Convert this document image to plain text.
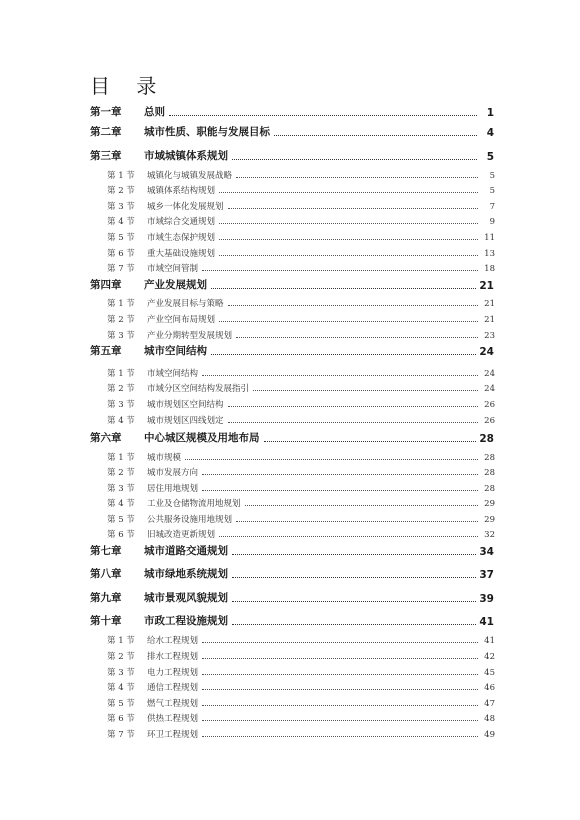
目 录
第一章	总则	1
第二章	城市性质、职能与发展目标	4
第三章	市域城镇体系规划	5
第 1 节	城镇化与城镇发展战略	5
第 2 节	城镇体系结构规划	5
第 3 节	城乡一体化发展规划	7
第 4 节	市域综合交通规划	9
第 5 节	市域生态保护规划	11
第 6 节	重大基础设施规划	13
第 7 节	市域空间管制	18
第四章	产业发展规划	21
第 1 节	产业发展目标与策略	21
第 2 节	产业空间布局规划	21
第 3 节	产业分期转型发展规划	23
第五章	城市空间结构	24
第 1 节	市域空间结构	24
第 2 节	市域分区空间结构发展指引	24
第 3 节	城市规划区空间结构	26
第 4 节	城市规划区四线划定	26
第六章	中心城区规模及用地布局	28
第 1 节	城市规模	28
第 2 节	城市发展方向	28
第 3 节	居住用地规划	28
第 4 节	工业及仓储物流用地规划	29
第 5 节	公共服务设施用地规划	29
第 6 节	旧城改造更新规划	32
第七章	城市道路交通规划	34
第八章	城市绿地系统规划	37
第九章	城市景观风貌规划	39
第十章	市政工程设施规划	41
第 1 节	给水工程规划	41
第 2 节	排水工程规划	42
第 3 节	电力工程规划	45
第 4 节	通信工程规划	46
第 5 节	燃气工程规划	47
第 6 节	供热工程规划	48
第 7 节	环卫工程规划	49
